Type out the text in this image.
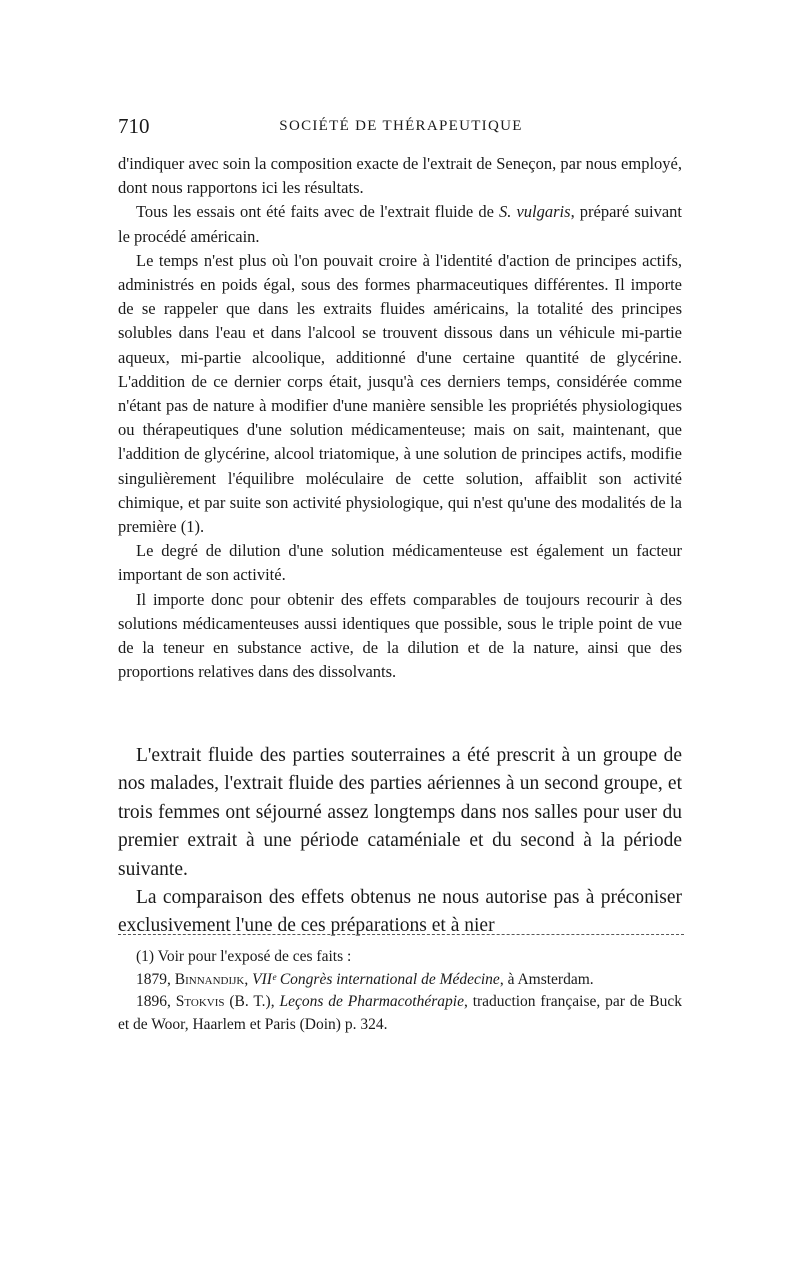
710	SOCIÉTÉ DE THÉRAPEUTIQUE

d'indiquer avec soin la composition exacte de l'extrait de Seneçon, par nous employé, dont nous rapportons ici les résultats.

Tous les essais ont été faits avec de l'extrait fluide de S. vulgaris, préparé suivant le procédé américain.

Le temps n'est plus où l'on pouvait croire à l'identité d'action de principes actifs, administrés en poids égal, sous des formes pharmaceutiques différentes. Il importe de se rappeler que dans les extraits fluides américains, la totalité des principes solubles dans l'eau et dans l'alcool se trouvent dissous dans un véhicule mi-partie aqueux, mi-partie alcoolique, additionné d'une certaine quantité de glycérine. L'addition de ce dernier corps était, jusqu'à ces derniers temps, considérée comme n'étant pas de nature à modifier d'une manière sensible les propriétés physiologiques ou thérapeutiques d'une solution médicamenteuse; mais on sait, maintenant, que l'addition de glycérine, alcool triatomique, à une solution de principes actifs, modifie singulièrement l'équilibre moléculaire de cette solution, affaiblit son activité chimique, et par suite son activité physiologique, qui n'est qu'une des modalités de la première (1).

Le degré de dilution d'une solution médicamenteuse est également un facteur important de son activité.

Il importe donc pour obtenir des effets comparables de toujours recourir à des solutions médicamenteuses aussi identiques que possible, sous le triple point de vue de la teneur en substance active, de la dilution et de la nature, ainsi que des proportions relatives dans des dissolvants.

L'extrait fluide des parties souterraines a été prescrit à un groupe de nos malades, l'extrait fluide des parties aériennes à un second groupe, et trois femmes ont séjourné assez longtemps dans nos salles pour user du premier extrait à une période cataméniale et du second à la période suivante.

La comparaison des effets obtenus ne nous autorise pas à préconiser exclusivement l'une de ces préparations et à nier

(1) Voir pour l'exposé de ces faits :

1879, Binnandijk, VIIᵉ Congrès international de Médecine, à Amsterdam.

1896, Stokvis (B. T.), Leçons de Pharmacothérapie, traduction française, par de Buck et de Woor, Haarlem et Paris (Doin) p. 324.
